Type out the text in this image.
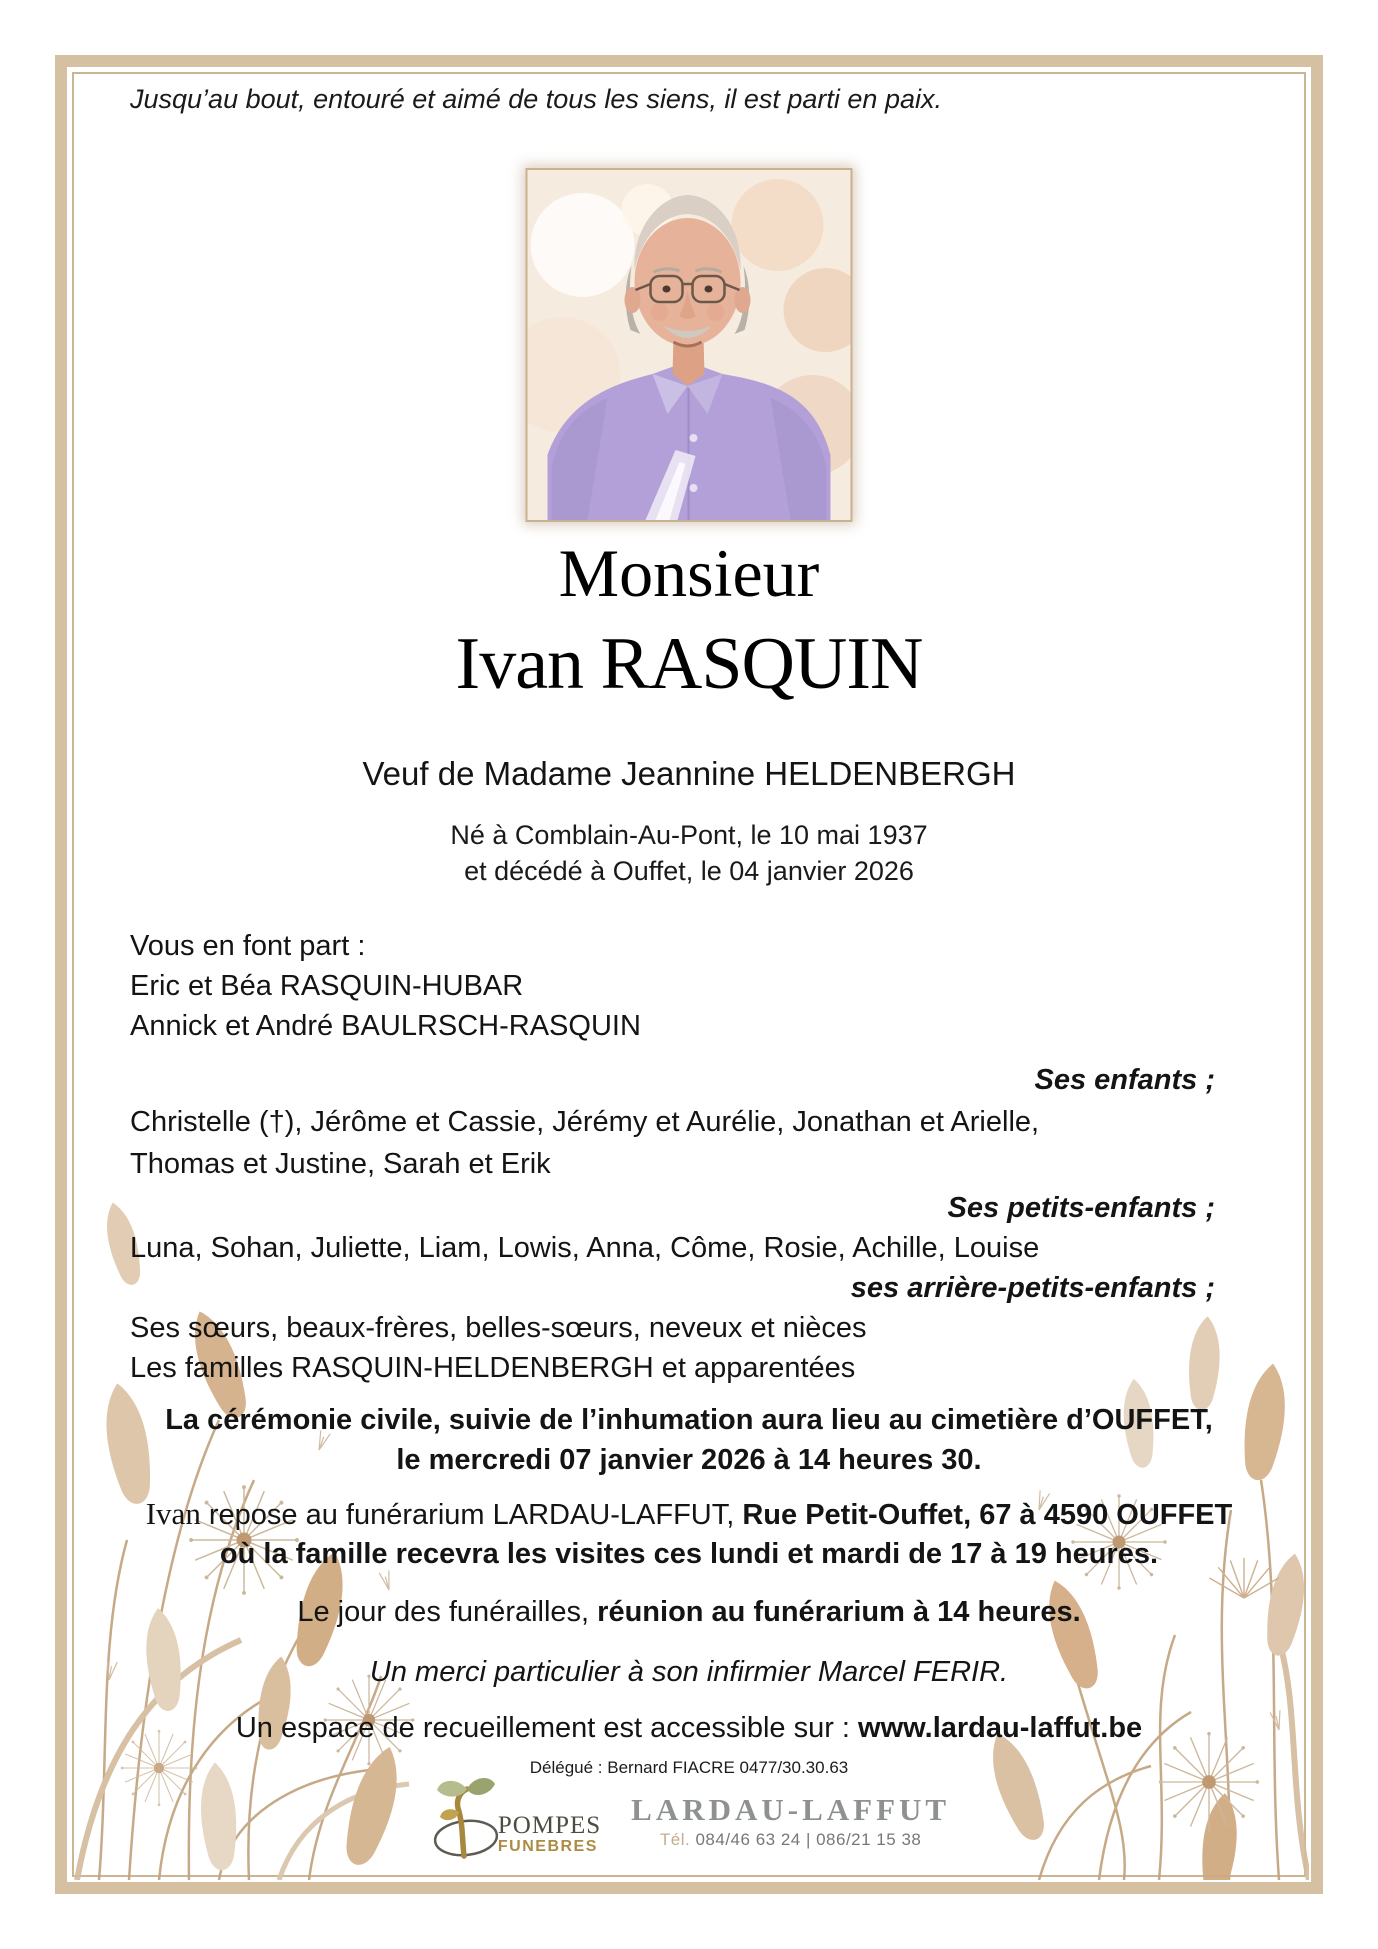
Jusqu’au bout, entouré et aimé de tous les siens, il est parti en paix.
Monsieur
Ivan RASQUIN
Veuf de Madame Jeannine HELDENBERGH
Né à Comblain-Au-Pont, le 10 mai 1937
et décédé à Ouffet, le 04 janvier 2026
Vous en font part :
Eric et Béa RASQUIN-HUBAR
Annick et André BAULRSCH-RASQUIN
Ses enfants ;
Christelle (†), Jérôme et Cassie, Jérémy et Aurélie, Jonathan et Arielle,
Thomas et Justine, Sarah et Erik
Ses petits-enfants ;
Luna, Sohan, Juliette, Liam, Lowis, Anna, Côme, Rosie, Achille, Louise
ses arrière-petits-enfants ;
Ses sœurs, beaux-frères, belles-sœurs, neveux et nièces
Les familles RASQUIN-HELDENBERGH et apparentées
La cérémonie civile, suivie de l’inhumation aura lieu au cimetière d’OUFFET,
le mercredi 07 janvier 2026 à 14 heures 30.
Ivan repose au funérarium LARDAU-LAFFUT, Rue Petit-Ouffet, 67 à 4590 OUFFET
où la famille recevra les visites ces lundi et mardi de 17 à 19 heures.
Le jour des funérailles, réunion au funérarium à 14 heures.
Un merci particulier à son infirmier Marcel FERIR.
Un espace de recueillement est accessible sur : www.lardau-laffut.be
Délégué : Bernard FIACRE 0477/30.30.63
POMPES
FUNEBRES
LARDAU-LAFFUT
Tél. 084/46 63 24 | 086/21 15 38
